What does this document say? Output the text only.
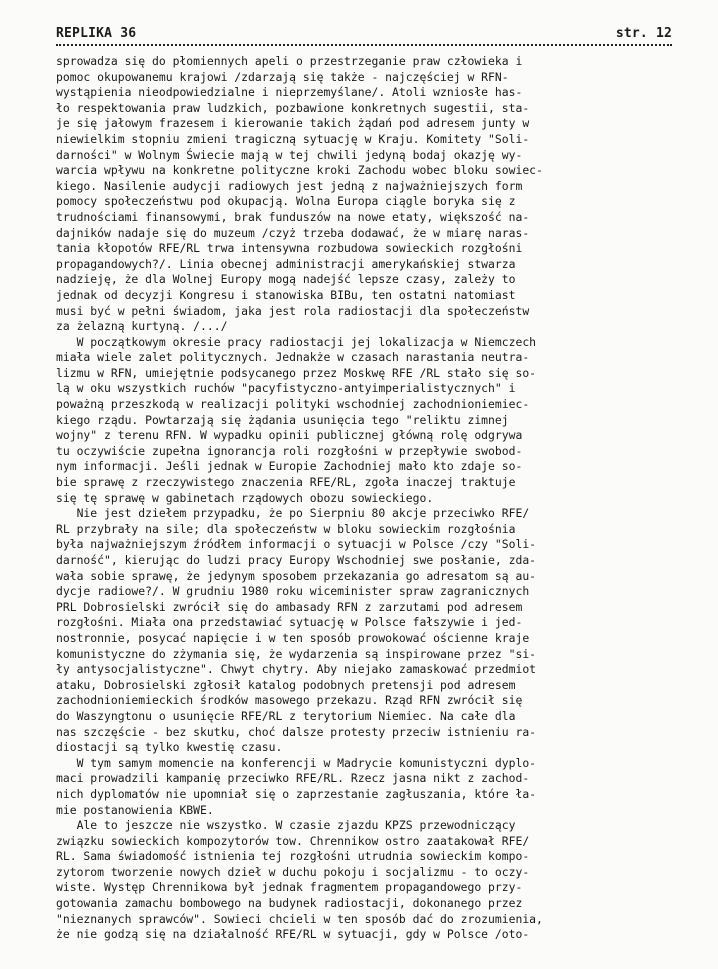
REPLIKA 36	str. 12
sprowadza się do płomiennych apeli o przestrzeganie praw człowieka i
pomoc okupowanemu krajowi /zdarzają się także - najczęściej w RFN-
wystąpienia nieodpowiedzialne i nieprzemyślane/. Atoli wzniosłe has-
ło respektowania praw ludzkich, pozbawione konkretnych sugestii, sta-
je się jałowym frazesem i kierowanie takich żądań pod adresem junty w
niewielkim stopniu zmieni tragiczną sytuację w Kraju. Komitety "Soli-
darności" w Wolnym Świecie mają w tej chwili jedyną bodaj okazję wy-
warcia wpływu na konkretne polityczne kroki Zachodu wobec bloku sowiec-
kiego. Nasilenie audycji radiowych jest jedną z najważniejszych form
pomocy społeczeństwu pod okupacją. Wolna Europa ciągle boryka się z
trudnościami finansowymi, brak funduszów na nowe etaty, większość na-
dajników nadaje się do muzeum /czyż trzeba dodawać, że w miarę naras-
tania kłopotów RFE/RL trwa intensywna rozbudowa sowieckich rozgłośni
propagandowych?/. Linia obecnej administracji amerykańskiej stwarza
nadzieję, że dla Wolnej Europy mogą nadejść lepsze czasy, zależy to
jednak od decyzji Kongresu i stanowiska BIBu, ten ostatni natomiast
musi być w pełni świadom, jaka jest rola radiostacji dla społeczeństw
za żelazną kurtyną. /.../
W początkowym okresie pracy radiostacji jej lokalizacja w Niemczech
miała wiele zalet politycznych. Jednakże w czasach narastania neutra-
lizmu w RFN, umiejętnie podsycanego przez Moskwę RFE /RL stało się so-
lą w oku wszystkich ruchów "pacyfistyczno-antyimperialistycznych" i
poważną przeszkodą w realizacji polityki wschodniej zachodnioniemiec-
kiego rządu. Powtarzają się żądania usunięcia tego "reliktu zimnej
wojny" z terenu RFN. W wypadku opinii publicznej główną rolę odgrywa
tu oczywiście zupełna ignorancja roli rozgłośni w przepływie swobod-
nym informacji. Jeśli jednak w Europie Zachodniej mało kto zdaje so-
bie sprawę z rzeczywistego znaczenia RFE/RL, zgoła inaczej traktuje
się tę sprawę w gabinetach rządowych obozu sowieckiego.
Nie jest dziełem przypadku, że po Sierpniu 80 akcje przeciwko RFE/
RL przybrały na sile; dla społeczeństw w bloku sowieckim rozgłośnia
była najważniejszym źródłem informacji o sytuacji w Polsce /czy "Soli-
darność", kierując do ludzi pracy Europy Wschodniej swe posłanie, zda-
wała sobie sprawę, że jedynym sposobem przekazania go adresatom są au-
dycje radiowe?/. W grudniu 1980 roku wiceminister spraw zagranicznych
PRL Dobrosielski zwrócił się do ambasady RFN z zarzutami pod adresem
rozgłośni. Miała ona przedstawiać sytuację w Polsce fałszywie i jed-
nostronnie, posycać napięcie i w ten sposób prowokować ościenne kraje
komunistyczne do zżymania się, że wydarzenia są inspirowane przez "si-
ły antysocjalistyczne". Chwyt chytry. Aby niejako zamaskować przedmiot
ataku, Dobrosielski zgłosił katalog podobnych pretensji pod adresem
zachodnioniemieckich środków masowego przekazu. Rząd RFN zwrócił się
do Waszyngtonu o usunięcie RFE/RL z terytorium Niemiec. Na całe dla
nas szczęście - bez skutku, choć dalsze protesty przeciw istnieniu ra-
diostacji są tylko kwestię czasu.
W tym samym momencie na konferencji w Madrycie komunistyczni dyplo-
maci prowadzili kampanię przeciwko RFE/RL. Rzecz jasna nikt z zachod-
nich dyplomatów nie upomniał się o zaprzestanie zagłuszania, które ła-
mie postanowienia KBWE.
Ale to jeszcze nie wszystko. W czasie zjazdu KPZS przewodniczący
związku sowieckich kompozytorów tow. Chrennikow ostro zaatakował RFE/
RL. Sama świadomość istnienia tej rozgłośni utrudnia sowieckim kompo-
zytorom tworzenie nowych dzieł w duchu pokoju i socjalizmu - to oczy-
wiste. Występ Chrennikowa był jednak fragmentem propagandowego przy-
gotowania zamachu bombowego na budynek radiostacji, dokonanego przez
"nieznanych sprawców". Sowieci chcieli w ten sposób dać do zrozumienia,
że nie godzą się na działalność RFE/RL w sytuacji, gdy w Polsce /oto-
